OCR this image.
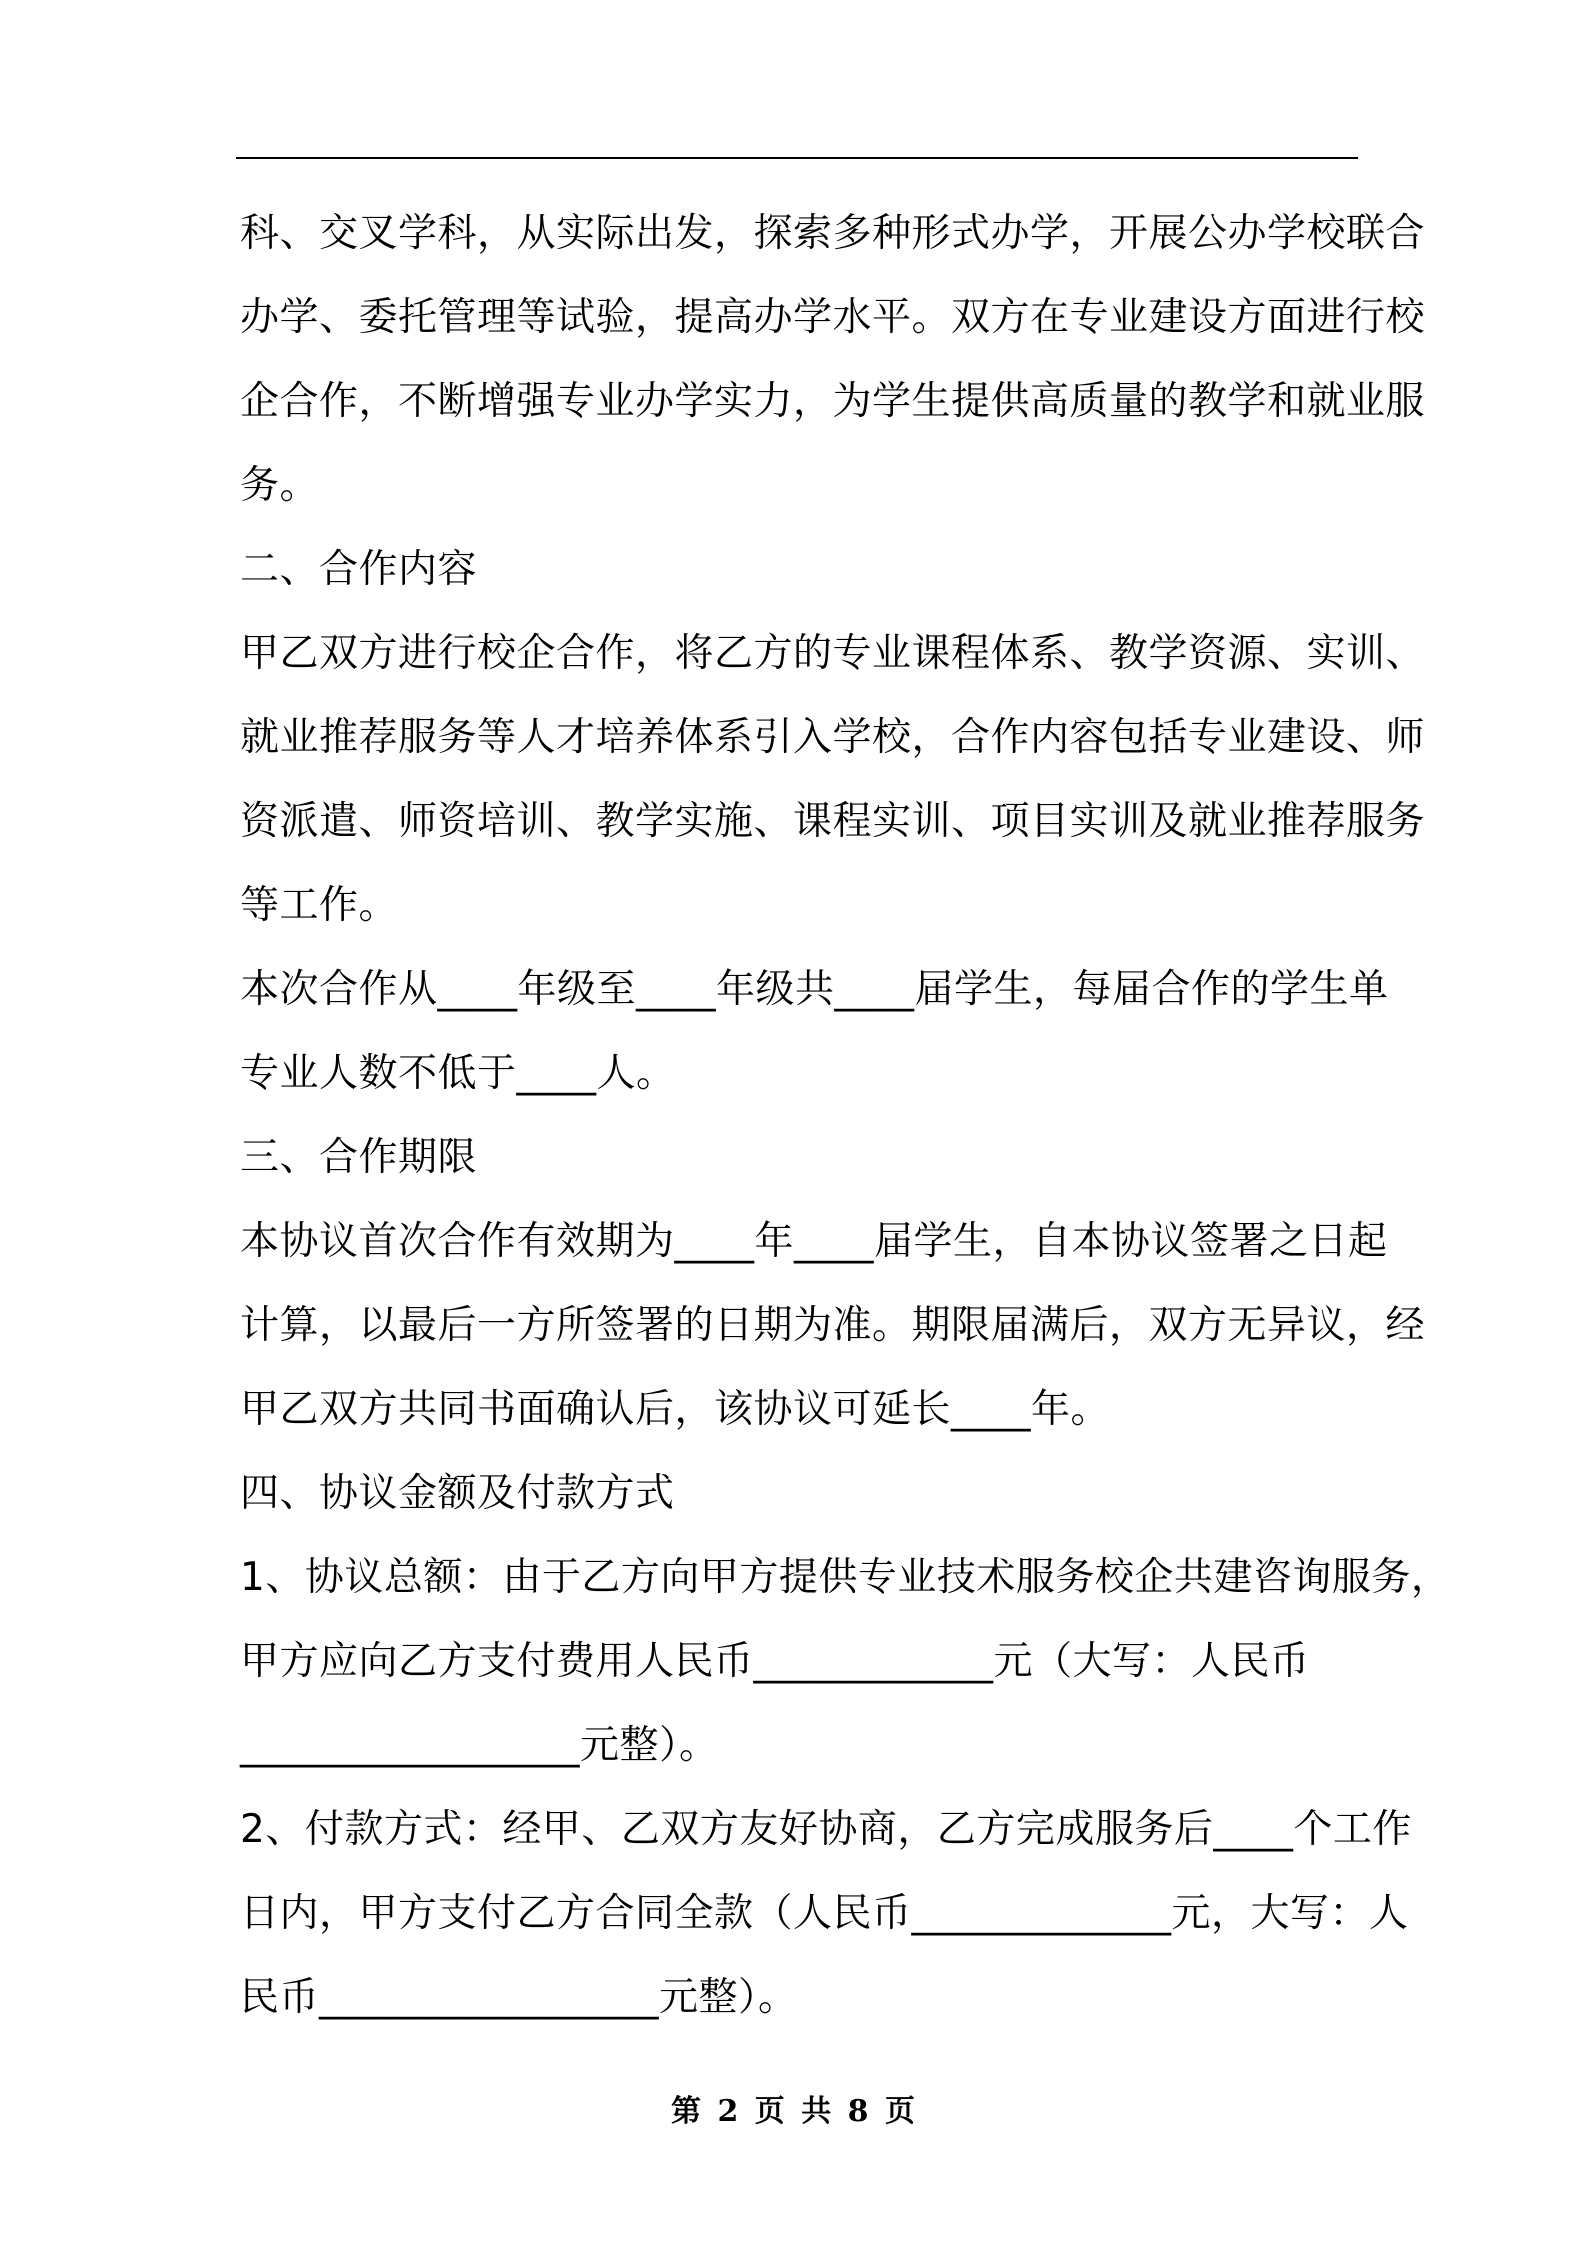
科、交叉学科，从实际出发，探索多种形式办学，开展公办学校联合
办学、委托管理等试验，提高办学水平。双方在专业建设方面进行校
企合作，不断增强专业办学实力，为学生提供高质量的教学和就业服
务。
二、合作内容
甲乙双方进行校企合作，将乙方的专业课程体系、教学资源、实训、
就业推荐服务等人才培养体系引入学校，合作内容包括专业建设、师
资派遣、师资培训、教学实施、课程实训、项目实训及就业推荐服务
等工作。
本次合作从____年级至____年级共____届学生，每届合作的学生单
专业人数不低于____人。
三、合作期限
本协议首次合作有效期为____年____届学生，自本协议签署之日起
计算，以最后一方所签署的日期为准。期限届满后，双方无异议，经
甲乙双方共同书面确认后，该协议可延长____年。
四、协议金额及付款方式
1、协议总额：由于乙方向甲方提供专业技术服务校企共建咨询服务，
甲方应向乙方支付费用人民币____________元（大写：人民币
_________________元整）。
2、付款方式：经甲、乙双方友好协商，乙方完成服务后____个工作
日内，甲方支付乙方合同全款（人民币_____________元，大写：人
民币_________________元整）。
第 2 页 共 8 页
